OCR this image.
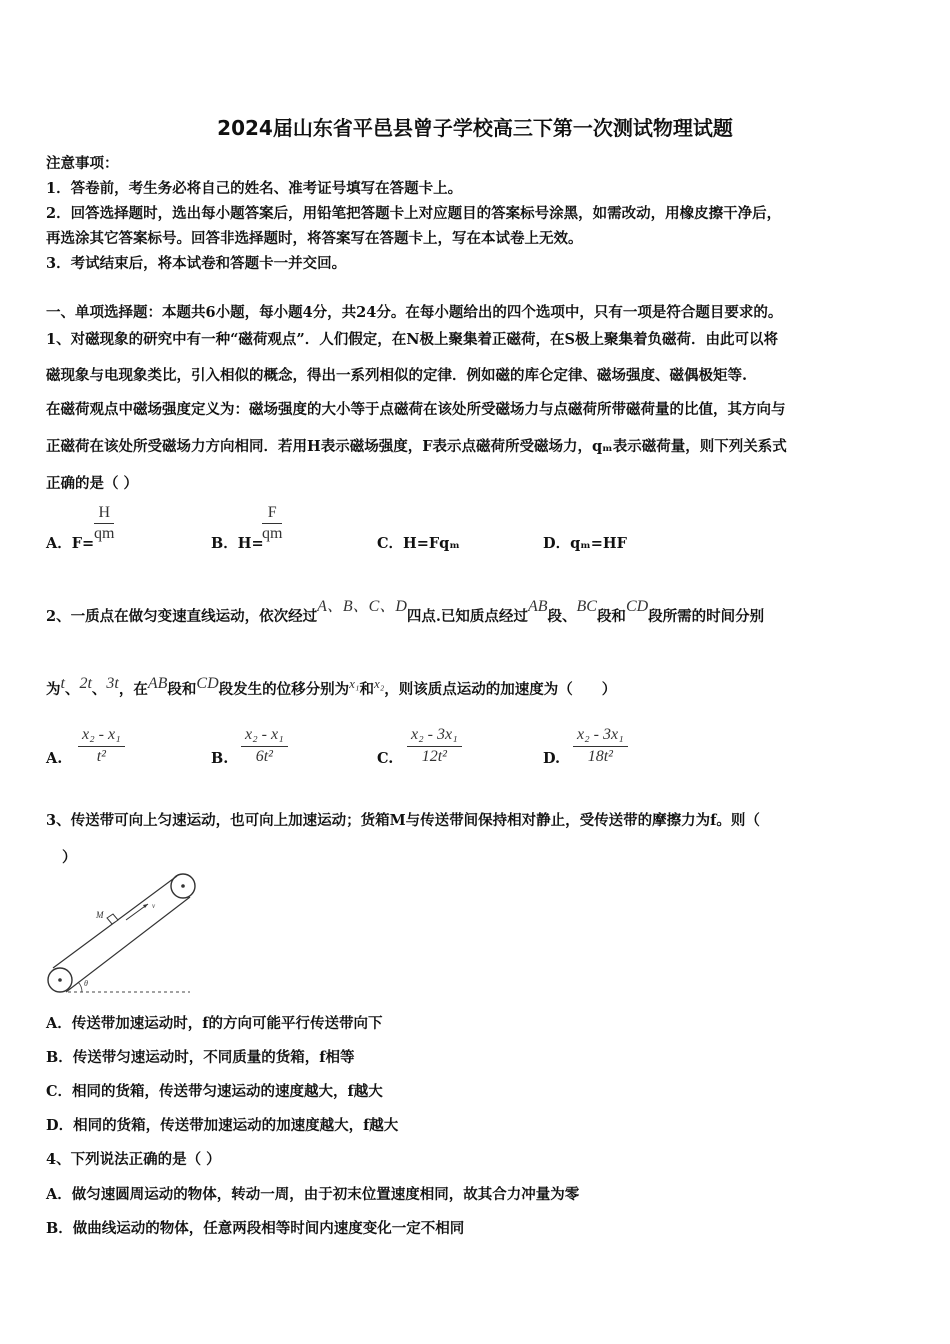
2024届山东省平邑县曾子学校高三下第一次测试物理试题
注意事项：
1．答卷前，考生务必将自己的姓名、准考证号填写在答题卡上。
2．回答选择题时，选出每小题答案后，用铅笔把答题卡上对应题目的答案标号涂黑，如需改动，用橡皮擦干净后，
再选涂其它答案标号。回答非选择题时，将答案写在答题卡上，写在本试卷上无效。
3．考试结束后，将本试卷和答题卡一并交回。
一、单项选择题：本题共6小题，每小题4分，共24分。在每小题给出的四个选项中，只有一项是符合题目要求的。
1、对磁现象的研究中有一种“磁荷观点”．人们假定，在N极上聚集着正磁荷，在S极上聚集着负磁荷．由此可以将
磁现象与电现象类比，引入相似的概念，得出一系列相似的定律．例如磁的库仑定律、磁场强度、磁偶极矩等.
在磁荷观点中磁场强度定义为：磁场强度的大小等于点磁荷在该处所受磁场力与点磁荷所带磁荷量的比值，其方向与
正磁荷在该处所受磁场力方向相同．若用H表示磁场强度，F表示点磁荷所受磁场力，qₘ表示磁荷量，则下列关系式
正确的是（ ）
A．F=
H
qm
B．H=
F
qm
C．H=Fqₘ	D．qₘ=HF
2、一质点在做匀变速直线运动，依次经过A、B、C、D四点.已知质点经过AB段、BC段和CD段所需的时间分别
为t、2t、3t，在AB段和CD段发生的位移分别为x₁和x₂，则该质点运动的加速度为（　　）
A.
x₂ - x₁
t²	B.
x₂ - x₁
6t²	C.
x₂ - 3x₁
12t²	D.
x₂ - 3x₁
18t²
3、传送带可向上匀速运动，也可向上加速运动；货箱M与传送带间保持相对静止，受传送带的摩擦力为f。则（
）
M
v
θ
A．传送带加速运动时，f的方向可能平行传送带向下
B．传送带匀速运动时，不同质量的货箱，f相等
C．相同的货箱，传送带匀速运动的速度越大，f越大
D．相同的货箱，传送带加速运动的加速度越大，f越大
4、下列说法正确的是（ ）
A．做匀速圆周运动的物体，转动一周，由于初末位置速度相同，故其合力冲量为零
B．做曲线运动的物体，任意两段相等时间内速度变化一定不相同
